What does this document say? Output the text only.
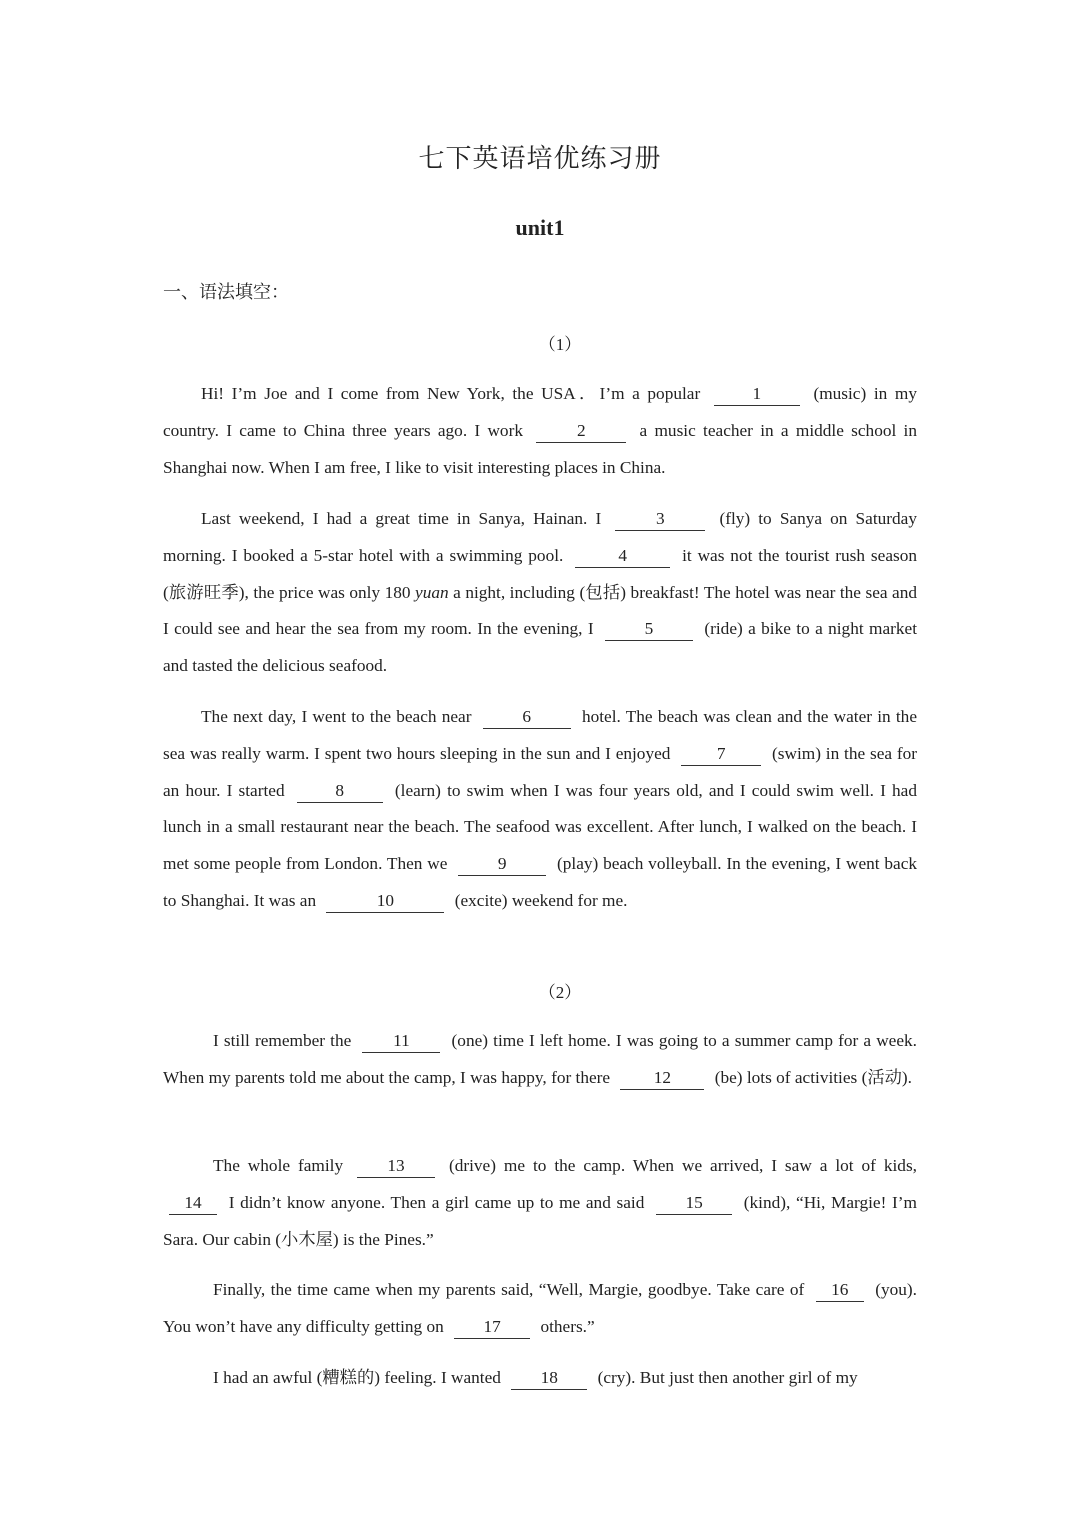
七下英语培优练习册
unit1
一、语法填空：
（1）

Hi! I’m Joe and I come from New York, the USA．I’m a popular	1	(music) in my country. I came to China three years ago. I work	2	a music teacher in a middle school in Shanghai now. When I am free, I like to visit interesting places in China.

Last weekend, I had a great time in Sanya, Hainan. I	3	(fly) to Sanya on Saturday morning. I booked a 5-star hotel with a swimming pool.	4	it was not the tourist rush season (旅游旺季), the price was only 180 yuan a night, including (包括) breakfast! The hotel was near the sea and I could see and hear the sea from my room. In the evening, I	5	(ride) a bike to a night market and tasted the delicious seafood.

The next day, I went to the beach near	6	hotel. The beach was clean and the water in the sea was really warm. I spent two hours sleeping in the sun and I enjoyed 7 (swim) in the sea for an hour. I started	8	(learn) to swim when I was four years old, and I could swim well. I had lunch in a small restaurant near the beach. The seafood was excellent. After lunch, I walked on the beach. I met some people from London. Then we	9	(play) beach volleyball. In the evening, I went back to Shanghai. It was an	10	(excite) weekend for me.

（2）

I still remember the 11 (one) time I left home. I was going to a summer camp for a week. When my parents told me about the camp, I was happy, for there 12 (be) lots of activities (活动).

The whole family 13 (drive) me to the camp. When we arrived, I saw a lot of kids, 14 I didn’t know anyone. Then a girl came up to me and said 15 (kind), “Hi, Margie! I’m Sara. Our cabin (小木屋) is the Pines.”

Finally, the time came when my parents said, “Well, Margie, goodbye. Take care of 16 (you). You won’t have any difficulty getting on 17 others.”

I had an awful (糟糕的) feeling. I wanted 18 (cry). But just then another girl of my
